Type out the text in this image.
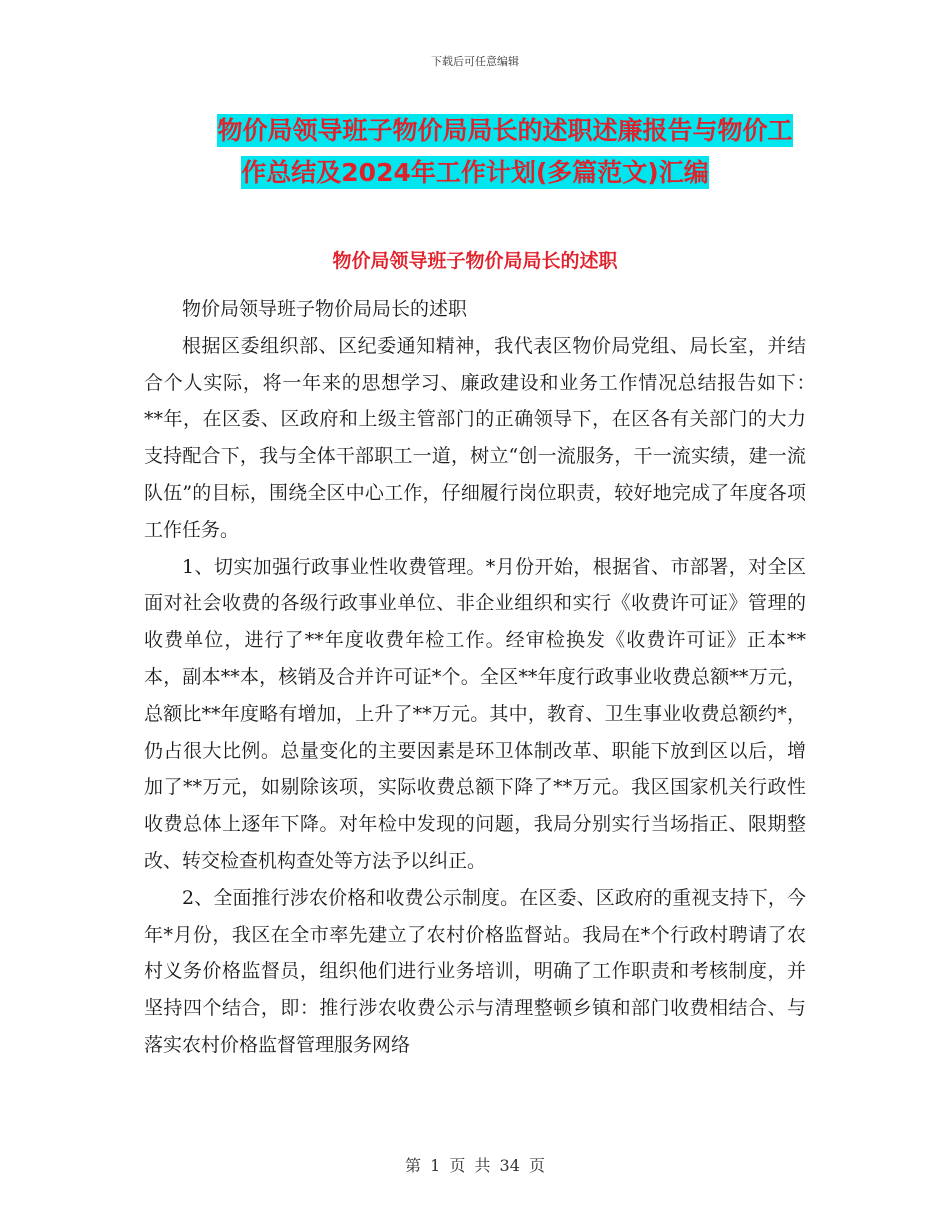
下载后可任意编辑
物价局领导班子物价局局长的述职述廉报告与物价工
作总结及2024年工作计划(多篇范文)汇编
物价局领导班子物价局局长的述职

物价局领导班子物价局局长的述职

根据区委组织部、区纪委通知精神，我代表区物价局党组、局长室，并结合个人实际，将一年来的思想学习、廉政建设和业务工作情况总结报告如下：　　**年，在区委、区政府和上级主管部门的正确领导下，在区各有关部门的大力支持配合下，我与全体干部职工一道，树立“创一流服务，干一流实绩，建一流队伍”的目标，围绕全区中心工作，仔细履行岗位职责，较好地完成了年度各项工作任务。

1、切实加强行政事业性收费管理。*月份开始，根据省、市部署，对全区面对社会收费的各级行政事业单位、非企业组织和实行《收费许可证》管理的收费单位，进行了**年度收费年检工作。经审检换发《收费许可证》正本**本，副本**本，核销及合并许可证*个。全区**年度行政事业收费总额**万元，总额比**年度略有增加，上升了**万元。其中，教育、卫生事业收费总额约*，仍占很大比例。总量变化的主要因素是环卫体制改革、职能下放到区以后，增加了**万元，如剔除该项，实际收费总额下降了**万元。我区国家机关行政性收费总体上逐年下降。对年检中发现的问题，我局分别实行当场指正、限期整改、转交检查机构查处等方法予以纠正。

2、全面推行涉农价格和收费公示制度。在区委、区政府的重视支持下，今年*月份，我区在全市率先建立了农村价格监督站。我局在*个行政村聘请了农村义务价格监督员，组织他们进行业务培训，明确了工作职责和考核制度，并坚持四个结合，即：推行涉农收费公示与清理整顿乡镇和部门收费相结合、与落实农村价格监督管理服务网络

第 1 页 共 34 页
